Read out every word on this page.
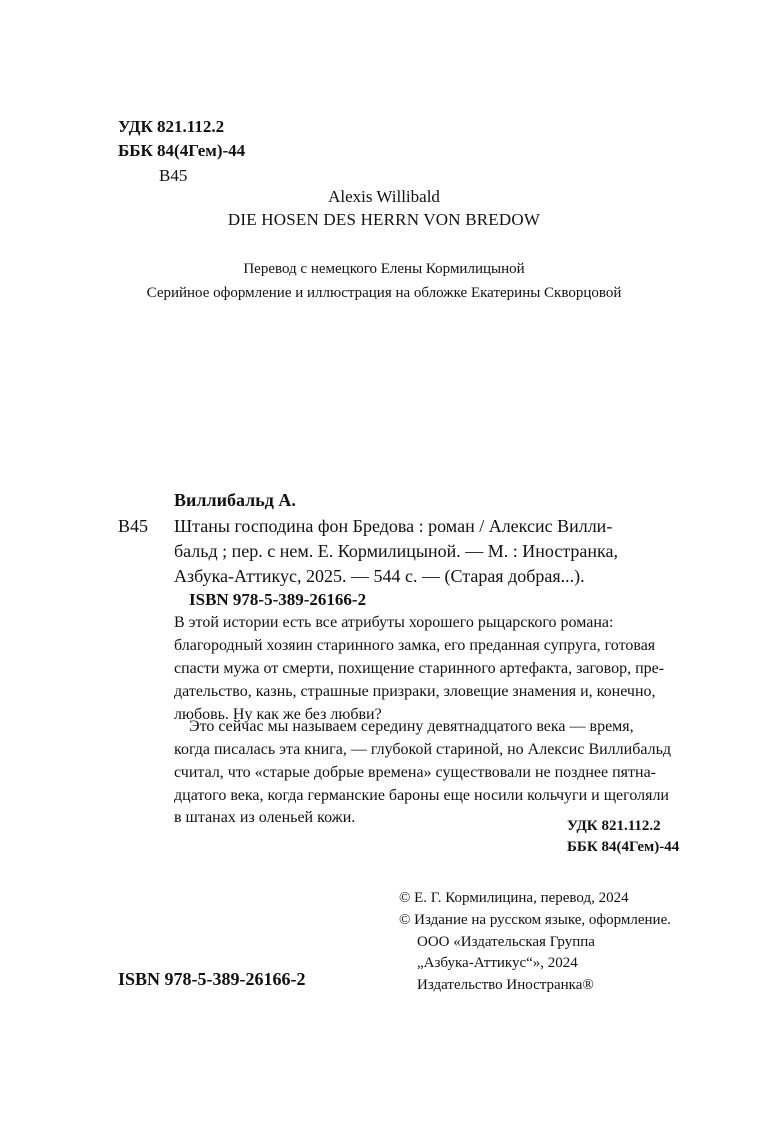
УДК 821.112.2
ББК 84(4Гем)-44
В45
Alexis Willibald
DIE HOSEN DES HERRN VON BREDOW
Перевод с немецкого Елены Кормилицыной
Серийное оформление и иллюстрация на обложке Екатерины Скворцовой
Виллибальд А.
В45 Штаны господина фон Бредова : роман / Алексис Вилли-
бальд ; пер. с нем. Е. Кормилицыной. — М. : Иностранка,
Азбука-Аттикус, 2025. — 544 с. — (Старая добрая...).
ISBN 978-5-389-26166-2
В этой истории есть все атрибуты хорошего рыцарского романа:
благородный хозяин старинного замка, его преданная супруга, готовая
спасти мужа от смерти, похищение старинного артефакта, заговор, пре-
дательство, казнь, страшные призраки, зловещие знамения и, конечно,
любовь. Ну как же без любви?
Это сейчас мы называем середину девятнадцатого века — время,
когда писалась эта книга, — глубокой стариной, но Алексис Виллибальд
считал, что «старые добрые времена» существовали не позднее пятна-
дцатого века, когда германские бароны еще носили кольчуги и щеголяли
в штанах из оленьей кожи.	УДК 821.112.2
ББК 84(4Гем)-44
© Е. Г. Кормилицина, перевод, 2024
© Издание на русском языке, оформление.
ООО «Издательская Группа
„Азбука-Аттикус“», 2024
Издательство Иностранка®
ISBN 978-5-389-26166-2
